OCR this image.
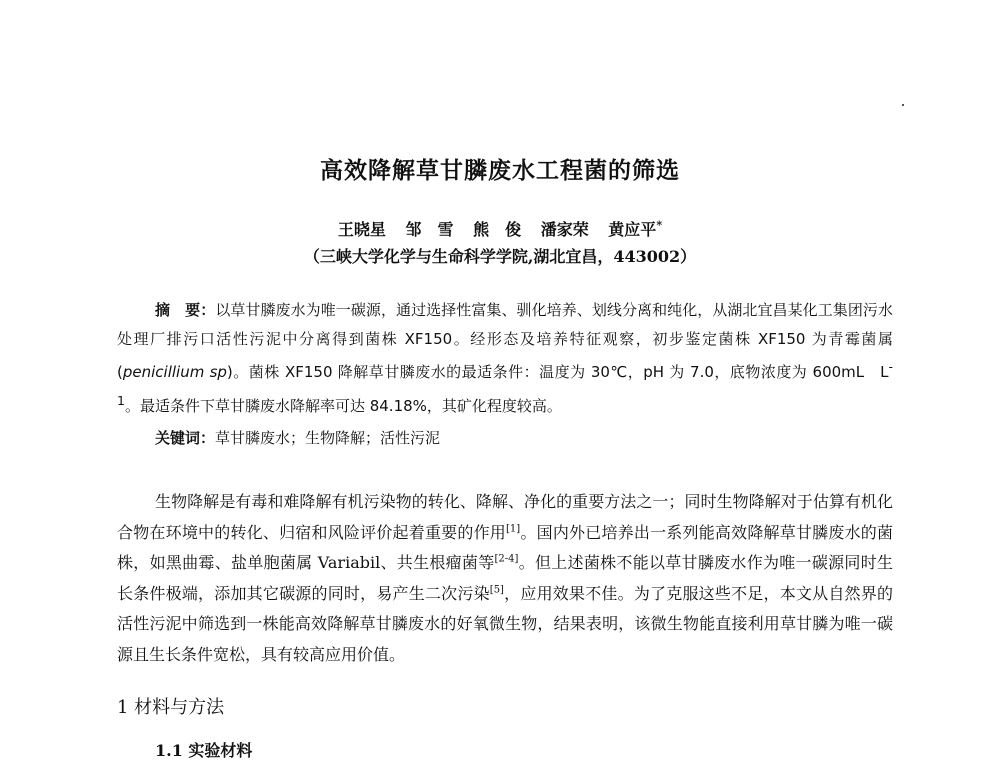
高效降解草甘膦废水工程菌的筛选
王晓星 邹　雪 熊　俊 潘家荣 黄应平*
（三峡大学化学与生命科学学院,湖北宜昌，443002）
摘　要：以草甘膦废水为唯一碳源，通过选择性富集、驯化培养、划线分离和纯化，从湖北宜昌某化工集团污水处理厂排污口活性污泥中分离得到菌株 XF150。经形态及培养特征观察，初步鉴定菌株 XF150 为青霉菌属(penicillium sp)。菌株 XF150 降解草甘膦废水的最适条件：温度为 30℃，pH 为 7.0，底物浓度为 600mL　$L^{-1}$。最适条件下草甘膦废水降解率可达 84.18%，其矿化程度较高。
关键词：草甘膦废水；生物降解；活性污泥
生物降解是有毒和难降解有机污染物的转化、降解、净化的重要方法之一；同时生物降解对于估算有机化合物在环境中的转化、归宿和风险评价起着重要的作用[1]。国内外已培养出一系列能高效降解草甘膦废水的菌株，如黑曲霉、盐单胞菌属 Variabil、共生根瘤菌等[2-4]。但上述菌株不能以草甘膦废水作为唯一碳源同时生长条件极端，添加其它碳源的同时，易产生二次污染[5]，应用效果不佳。为了克服这些不足，本文从自然界的活性污泥中筛选到一株能高效降解草甘膦废水的好氧微生物，结果表明，该微生物能直接利用草甘膦为唯一碳源且生长条件宽松，具有较高应用价值。
1 材料与方法
1.1 实验材料
